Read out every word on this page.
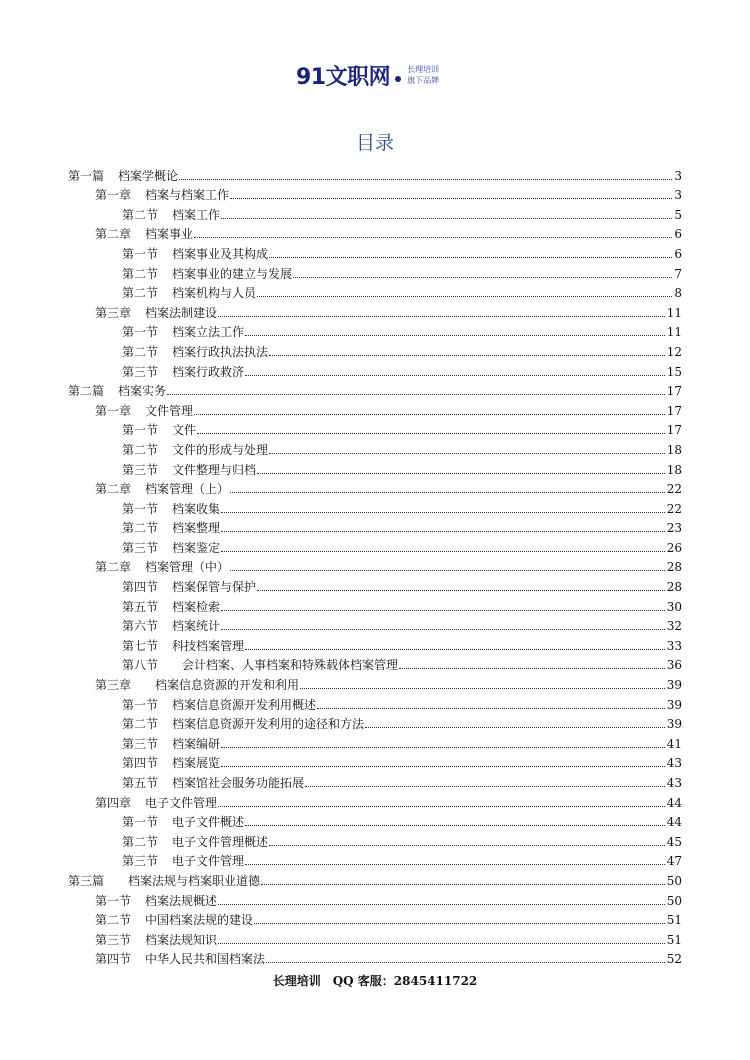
91文职网 长理培训
旗下品牌
目录
第一篇 档案学概论	3
第一章 档案与档案工作	3
第二节 档案工作	5
第二章 档案事业	6
第一节 档案事业及其构成	6
第二节 档案事业的建立与发展	7
第二节 档案机构与人员	8
第三章 档案法制建设	11
第一节 档案立法工作	11
第二节 档案行政执法执法	12
第三节 档案行政救济	15
第二篇 档案实务	17
第一章 文件管理	17
第一节 文件	17
第二节 文件的形成与处理	18
第三节 文件整理与归档	18
第二章 档案管理（上）	22
第一节 档案收集	22
第二节 档案整理	23
第三节 档案鉴定	26
第二章 档案管理（中）	28
第四节 档案保管与保护	28
第五节 档案检索	30
第六节 档案统计	32
第七节 科技档案管理	33
第八节 会计档案、人事档案和特殊载体档案管理	36
第三章 档案信息资源的开发和利用	39
第一节 档案信息资源开发利用概述	39
第二节 档案信息资源开发利用的途径和方法	39
第三节 档案编研	41
第四节 档案展览	43
第五节 档案馆社会服务功能拓展	43
第四章 电子文件管理	44
第一节 电子文件概述	44
第二节 电子文件管理概述	45
第三节 电子文件管理	47
第三篇 档案法规与档案职业道德	50
第一节 档案法规概述	50
第二节 中国档案法规的建设	51
第三节 档案法规知识	51
第四节 中华人民共和国档案法	52
长理培训　QQ 客服：2845411722
